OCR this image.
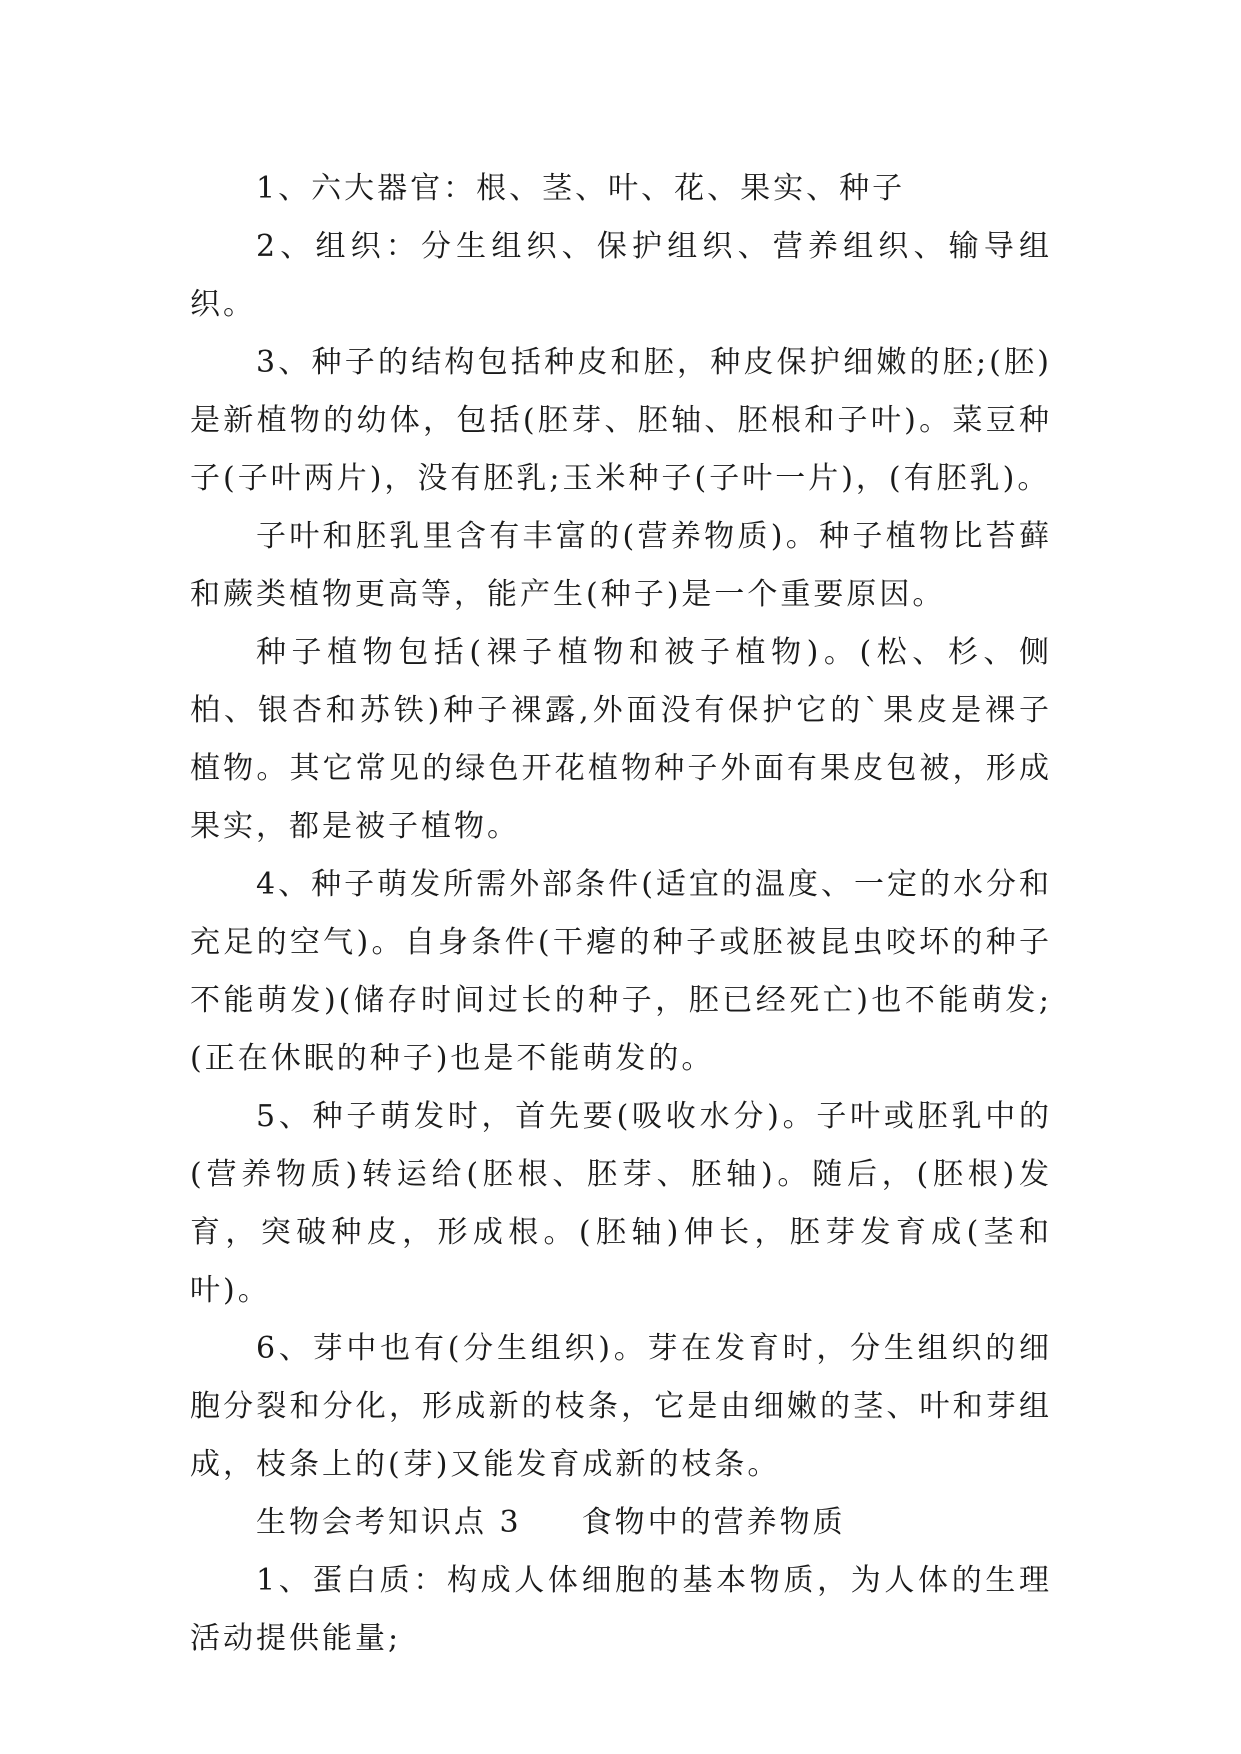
1、六大器官：根、茎、叶、花、果实、种子

2、组织：分生组织、保护组织、营养组织、输导组织。

3、种子的结构包括种皮和胚，种皮保护细嫩的胚;(胚)是新植物的幼体，包括(胚芽、胚轴、胚根和子叶)。菜豆种子(子叶两片)，没有胚乳;玉米种子(子叶一片)，(有胚乳)。

子叶和胚乳里含有丰富的(营养物质)。种子植物比苔藓和蕨类植物更高等，能产生(种子)是一个重要原因。

种子植物包括(裸子植物和被子植物)。(松、杉、侧柏、银杏和苏铁)种子裸露,外面没有保护它的`果皮是裸子植物。其它常见的绿色开花植物种子外面有果皮包被，形成果实，都是被子植物。

4、种子萌发所需外部条件(适宜的温度、一定的水分和充足的空气)。自身条件(干瘪的种子或胚被昆虫咬坏的种子不能萌发)(储存时间过长的种子，胚已经死亡)也不能萌发;(正在休眠的种子)也是不能萌发的。

5、种子萌发时，首先要(吸收水分)。子叶或胚乳中的(营养物质)转运给(胚根、胚芽、胚轴)。随后，(胚根)发育，突破种皮，形成根。(胚轴)伸长，胚芽发育成(茎和叶)。

6、芽中也有(分生组织)。芽在发育时，分生组织的细胞分裂和分化，形成新的枝条，它是由细嫩的茎、叶和芽组成，枝条上的(芽)又能发育成新的枝条。

生物会考知识点 3 食物中的营养物质

1、蛋白质：构成人体细胞的基本物质，为人体的生理活动提供能量;
